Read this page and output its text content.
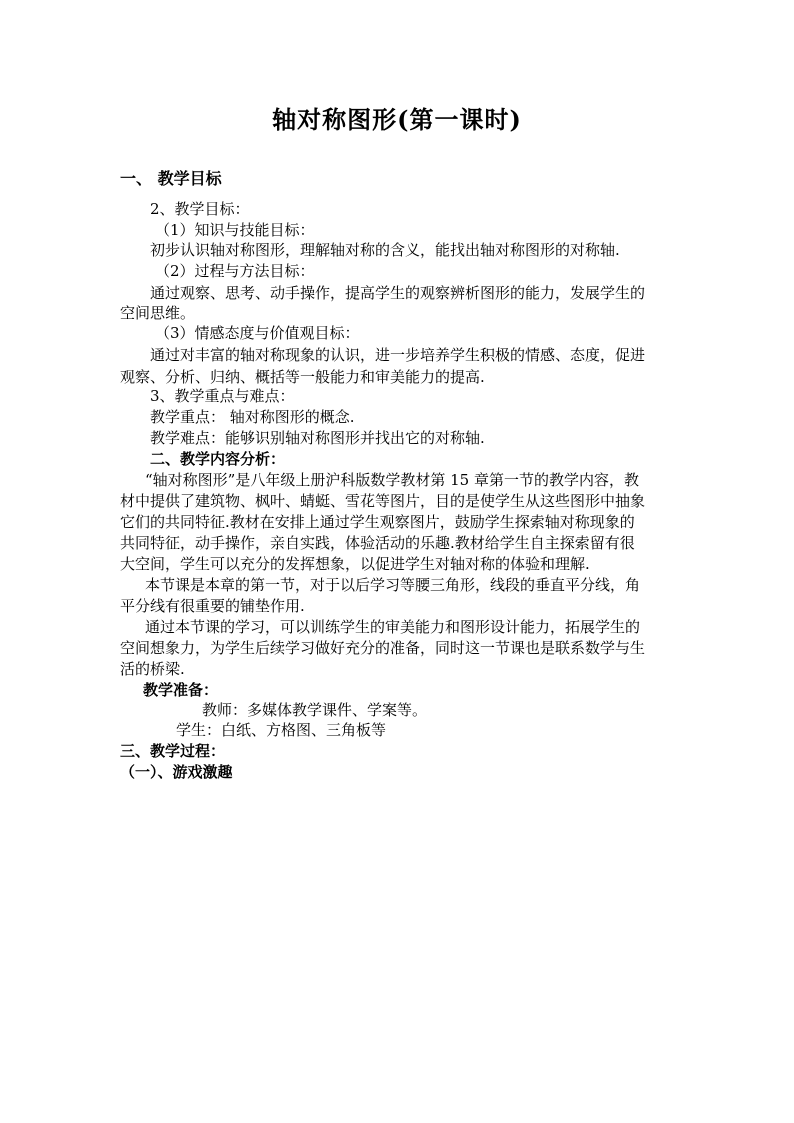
轴对称图形(第一课时)
一、 教学目标
2、教学目标：
（1）知识与技能目标：
初步认识轴对称图形，理解轴对称的含义，能找出轴对称图形的对称轴.
（2）过程与方法目标：
通过观察、思考、动手操作，提高学生的观察辨析图形的能力，发展学生的
空间思维。
（3）情感态度与价值观目标：
通过对丰富的轴对称现象的认识，进一步培养学生积极的情感、态度，促进
观察、分析、归纳、概括等一般能力和审美能力的提高.
3、教学重点与难点：
教学重点： 轴对称图形的概念.
教学难点：能够识别轴对称图形并找出它的对称轴.
二、教学内容分析：
“轴对称图形”是八年级上册沪科版数学教材第 15 章第一节的教学内容，教
材中提供了建筑物、枫叶、蜻蜓、雪花等图片，目的是使学生从这些图形中抽象
它们的共同特征.教材在安排上通过学生观察图片，鼓励学生探索轴对称现象的
共同特征，动手操作，亲自实践，体验活动的乐趣.教材给学生自主探索留有很
大空间，学生可以充分的发挥想象，以促进学生对轴对称的体验和理解.
本节课是本章的第一节，对于以后学习等腰三角形，线段的垂直平分线，角
平分线有很重要的铺垫作用.
通过本节课的学习，可以训练学生的审美能力和图形设计能力，拓展学生的
空间想象力，为学生后续学习做好充分的准备，同时这一节课也是联系数学与生
活的桥梁.
教学准备：
教师：多媒体教学课件、学案等。
学生：白纸、方格图、三角板等
三、教学过程：
（一）、游戏激趣
